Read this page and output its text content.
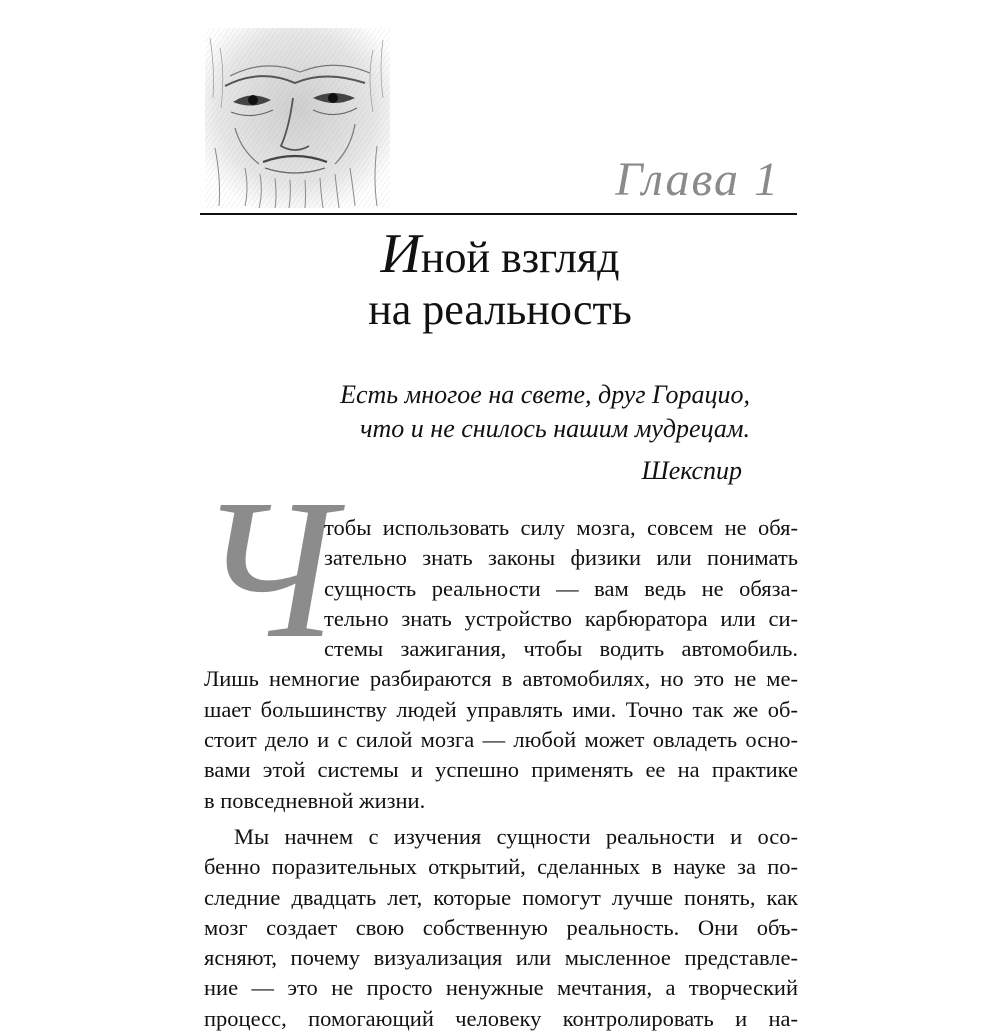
Глава 1
Иной взгляд
на реальность
Есть многое на свете, друг Горацио,
что и не снилось нашим мудрецам.
Шекспир
Ч
тобы использовать силу мозга, совсем не обя-
зательно знать законы физики или понимать
сущность реальности — вам ведь не обяза-
тельно знать устройство карбюратора или си-
стемы зажигания, чтобы водить автомобиль.
Лишь немногие разбираются в автомобилях, но это не ме-
шает большинству людей управлять ими. Точно так же об-
стоит дело и с силой мозга — любой может овладеть осно-
вами этой системы и успешно применять ее на практике
в повседневной жизни.
Мы начнем с изучения сущности реальности и осо-
бенно поразительных открытий, сделанных в науке за по-
следние двадцать лет, которые помогут лучше понять, как
мозг создает свою собственную реальность. Они объ-
ясняют, почему визуализация или мысленное представле-
ние — это не просто ненужные мечтания, а творческий
процесс, помогающий человеку контролировать и на-
